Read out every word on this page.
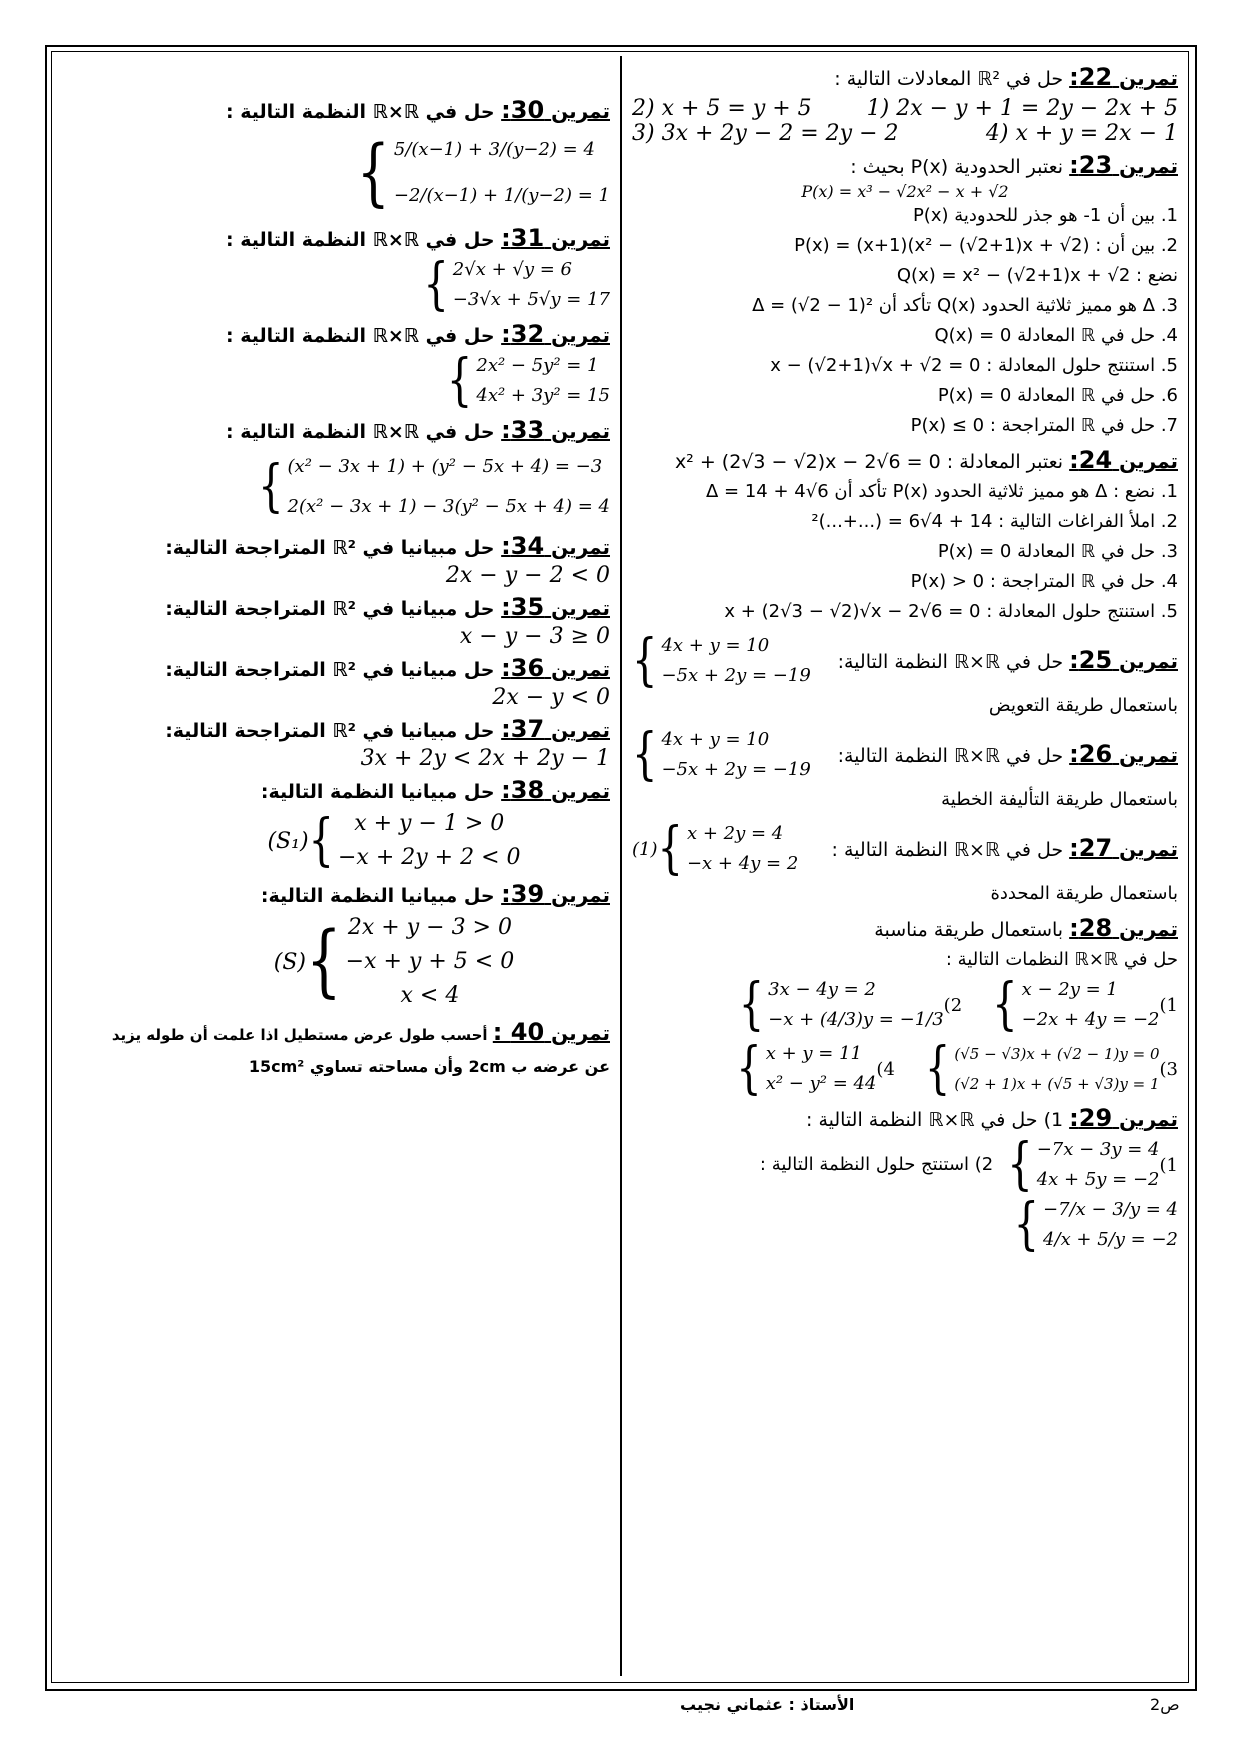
تمرين 22: حل في ℝ² المعادلات التالية :
1) 2x − y + 1 = 2y − 2x + 5
2) x + 5 = y + 5
4) x + y = 2x − 1
3) 3x + 2y − 2 = 2y − 2
تمرين 23: نعتبر الحدودية P(x) بحيث :
P(x) = x³ − √2x² − x + √2
1. بين أن 1- هو جذر للحدودية P(x)
2. بين أن : P(x) = (x+1)(x² − (√2+1)x + √2)
نضع : Q(x) = x² − (√2+1)x + √2
3. Δ هو مميز ثلاثية الحدود Q(x) تأكد أن Δ = (√2 − 1)²
4. حل في ℝ المعادلة Q(x) = 0
5. استنتج حلول المعادلة : x − (√2+1)√x + √2 = 0
6. حل في ℝ المعادلة P(x) = 0
7. حل في ℝ المتراجحة : P(x) ≤ 0
تمرين 24: نعتبر المعادلة : x² + (2√3 − √2)x − 2√6 = 0
1. نضع : Δ هو مميز ثلاثية الحدود P(x) تأكد أن Δ = 14 + 4√6
2. املأ الفراغات التالية : 14 + 4√6 = (...+...)²
3. حل في ℝ المعادلة P(x) = 0
4. حل في ℝ المتراجحة : P(x) > 0
5. استنتج حلول المعادلة : x + (2√3 − √2)√x − 2√6 = 0
تمرين 25: حل في ℝ×ℝ النظمة التالية:
{ 4x + y = 10
−5x + 2y = −19
باستعمال طريقة التعويض
تمرين 26: حل في ℝ×ℝ النظمة التالية:
{ 4x + y = 10
−5x + 2y = −19
باستعمال طريقة التأليفة الخطية
تمرين 27: حل في ℝ×ℝ النظمة التالية :
(1) { x + 2y = 4
−x + 4y = 2
باستعمال طريقة المحددة
تمرين 28: باستعمال طريقة مناسبة
حل في ℝ×ℝ النظمات التالية :
{ x − 2y = 1
−2x + 4y = −2
(1
{ 3x − 4y = 2
−x + (4/3)y = −1/3
(2
{ (√5 − √3)x + (√2 − 1)y = 0
(√2 + 1)x + (√5 + √3)y = 1
(3
{ x + y = 11
x² − y² = 44
(4
تمرين 29: 1) حل في ℝ×ℝ النظمة التالية :
{ −7x − 3y = 4
4x + 5y = −2
(1
2) استنتج حلول النظمة التالية :
{ −7/x − 3/y = 4
4/x + 5/y = −2
تمرين 30: حل في ℝ×ℝ النظمة التالية :
{ 5/(x−1) + 3/(y−2) = 4
−2/(x−1) + 1/(y−2) = 1
تمرين 31: حل في ℝ×ℝ النظمة التالية :
{ 2√x + √y = 6
−3√x + 5√y = 17
تمرين 32: حل في ℝ×ℝ النظمة التالية :
{ 2x² − 5y² = 1
4x² + 3y² = 15
تمرين 33: حل في ℝ×ℝ النظمة التالية :
{ (x² − 3x + 1) + (y² − 5x + 4) = −3
2(x² − 3x + 1) − 3(y² − 5x + 4) = 4
تمرين 34: حل مبيانيا في ℝ² المتراجحة التالية:
2x − y − 2 < 0
تمرين 35: حل مبيانيا في ℝ² المتراجحة التالية:
x − y − 3 ≥ 0
تمرين 36: حل مبيانيا في ℝ² المتراجحة التالية:
2x − y < 0
تمرين 37: حل مبيانيا في ℝ² المتراجحة التالية:
3x + 2y < 2x + 2y − 1
تمرين 38: حل مبيانيا النظمة التالية:
(S₁) { x + y − 1 > 0
−x + 2y + 2 < 0
تمرين 39: حل مبيانيا النظمة التالية:
(S) { 2x + y − 3 > 0
−x + y + 5 < 0
x < 4
تمرين 40 : أحسب طول عرض مستطيل اذا علمت أن طوله يزيد
عن عرضه ب 2cm وأن مساحته تساوي 15cm²
الأستاذ : عثماني نجيب	ص2
